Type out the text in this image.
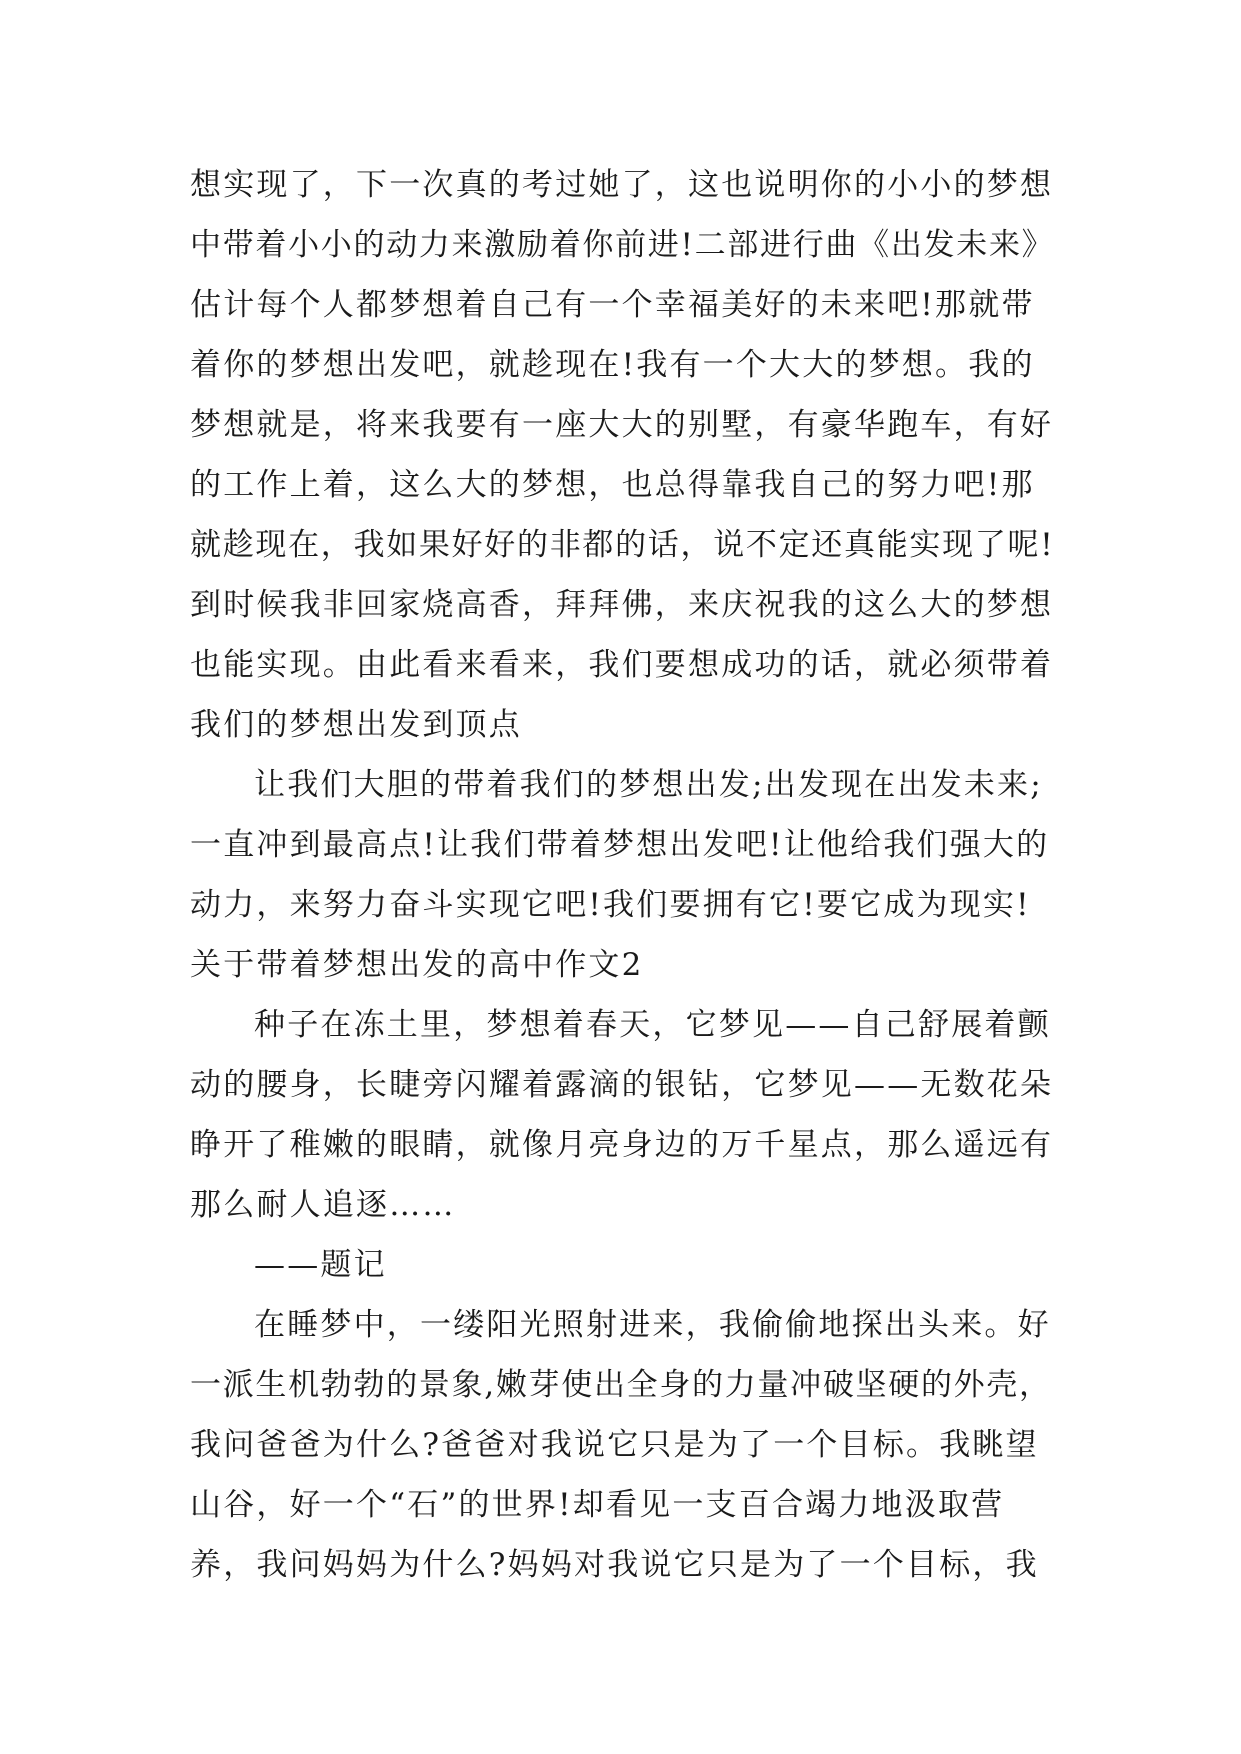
想实现了，下一次真的考过她了，这也说明你的小小的梦想
中带着小小的动力来激励着你前进!二部进行曲《出发未来》
估计每个人都梦想着自己有一个幸福美好的未来吧!那就带
着你的梦想出发吧，就趁现在!我有一个大大的梦想。我的
梦想就是，将来我要有一座大大的别墅，有豪华跑车，有好
的工作上着，这么大的梦想，也总得靠我自己的努力吧!那
就趁现在，我如果好好的非都的话，说不定还真能实现了呢!
到时候我非回家烧高香，拜拜佛，来庆祝我的这么大的梦想
也能实现。由此看来看来，我们要想成功的话，就必须带着
我们的梦想出发到顶点
让我们大胆的带着我们的梦想出发;出发现在出发未来;
一直冲到最高点!让我们带着梦想出发吧!让他给我们强大的
动力，来努力奋斗实现它吧!我们要拥有它!要它成为现实!
关于带着梦想出发的高中作文2
种子在冻土里，梦想着春天，它梦见——自己舒展着颤
动的腰身，长睫旁闪耀着露滴的银钻，它梦见——无数花朵
睁开了稚嫩的眼睛，就像月亮身边的万千星点，那么遥远有
那么耐人追逐……
——题记
在睡梦中，一缕阳光照射进来，我偷偷地探出头来。好
一派生机勃勃的景象,嫩芽使出全身的力量冲破坚硬的外壳，
我问爸爸为什么?爸爸对我说它只是为了一个目标。我眺望
山谷，好一个“石”的世界!却看见一支百合竭力地汲取营
养，我问妈妈为什么?妈妈对我说它只是为了一个目标，我
